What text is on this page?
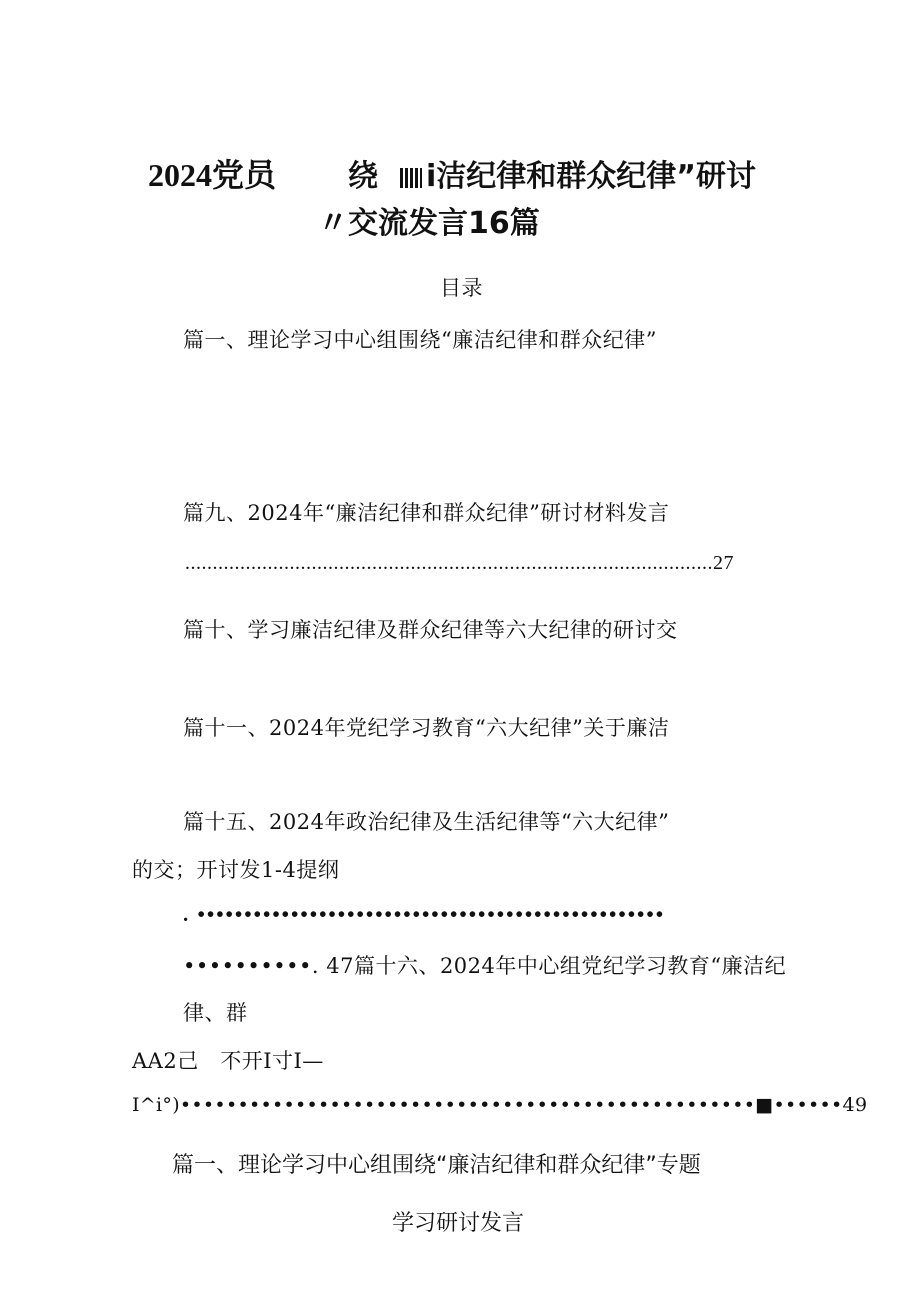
2024党员 绕 i洁纪律和群众纪律”研讨
〃交流发言16篇
目录
篇一、理论学习中心组围绕“廉洁纪律和群众纪律”
篇九、2024年“廉洁纪律和群众纪律”研讨材料发言
................................................................................................27
篇十、学习廉洁纪律及群众纪律等六大纪律的研讨交
篇十一、2024年党纪学习教育“六大纪律”关于廉洁
篇十五、2024年政治纪律及生活纪律等“六大纪律”
的交；开讨发1-4提纲
. ••••••••••••••••••••••••••••••••••••••••••••••••••
••••••••••. 47篇十六、2024年中心组党纪学习教育“廉洁纪
律、群
AA2己　不开I寸I—
I^i°)••••••••••••••••••••••••••••••••••••••••••••••••••■••••••49
篇一、理论学习中心组围绕“廉洁纪律和群众纪律”专题
学习研讨发言
